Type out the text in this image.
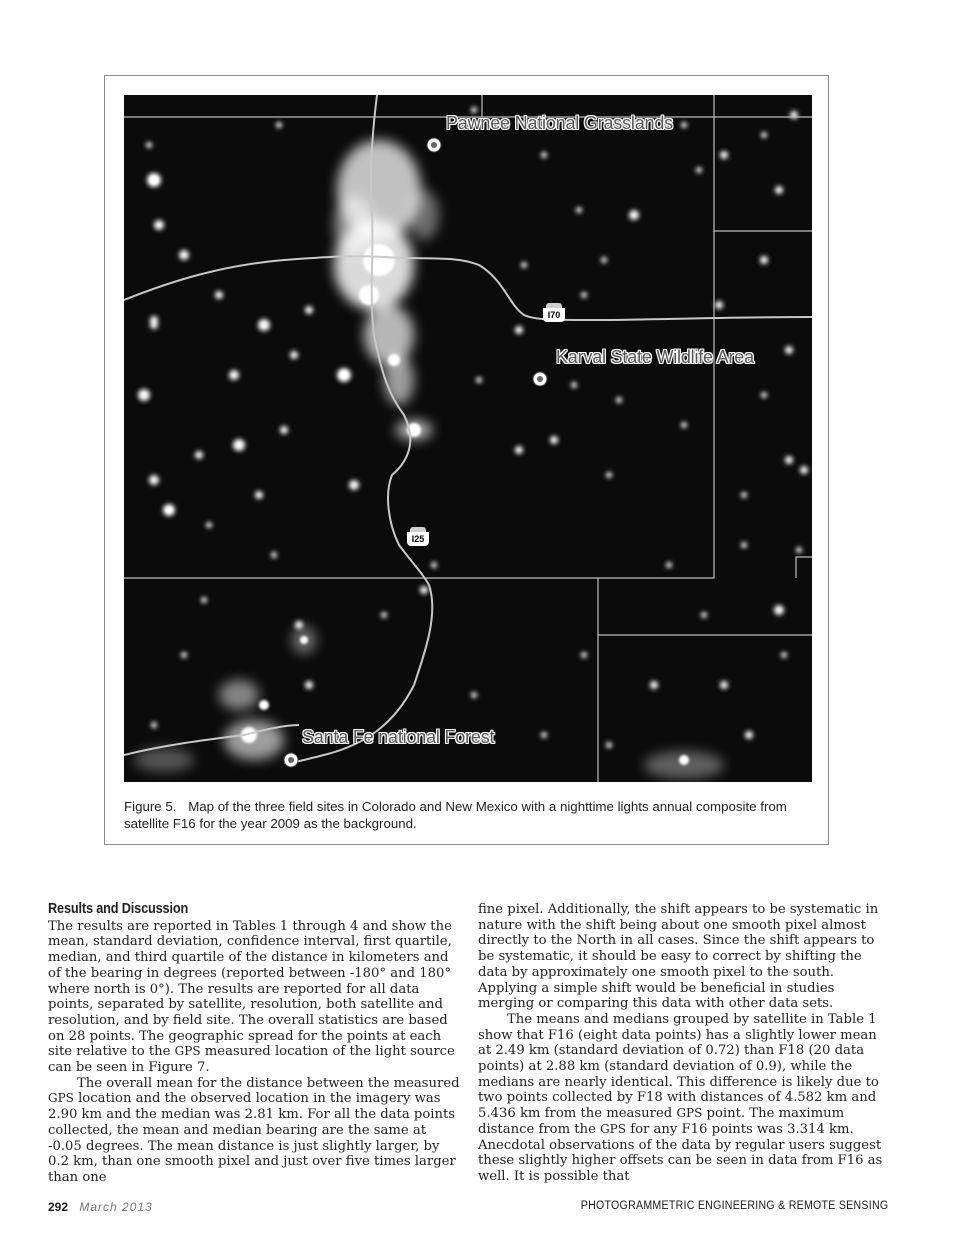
Pawnee National Grasslands
Karval State Wildlife Area
Santa Fe national Forest
I70
I25
Figure 5. Map of the three field sites in Colorado and New Mexico with a nighttime lights annual composite from satellite F16 for the year 2009 as the background.
Results and Discussion

The results are reported in Tables 1 through 4 and show the mean, standard deviation, confidence interval, first quartile, median, and third quartile of the distance in kilometers and of the bearing in degrees (reported between -180° and 180° where north is 0°). The results are reported for all data points, separated by satellite, resolution, both satellite and resolution, and by field site. The overall statistics are based on 28 points. The geographic spread for the points at each site relative to the GPS measured location of the light source can be seen in Figure 7.

The overall mean for the distance between the measured GPS location and the observed location in the imagery was 2.90 km and the median was 2.81 km. For all the data points collected, the mean and median bearing are the same at -0.05 degrees. The mean distance is just slightly larger, by 0.2 km, than one smooth pixel and just over five times larger than one

fine pixel. Additionally, the shift appears to be systematic in nature with the shift being about one smooth pixel almost directly to the North in all cases. Since the shift appears to be systematic, it should be easy to correct by shifting the data by approximately one smooth pixel to the south. Applying a simple shift would be beneficial in studies merging or comparing this data with other data sets.

The means and medians grouped by satellite in Table 1 show that F16 (eight data points) has a slightly lower mean at 2.49 km (standard deviation of 0.72) than F18 (20 data points) at 2.88 km (standard deviation of 0.9), while the medians are nearly identical. This difference is likely due to two points collected by F18 with distances of 4.582 km and 5.436 km from the measured GPS point. The maximum distance from the GPS for any F16 points was 3.314 km. Anecdotal observations of the data by regular users suggest these slightly higher offsets can be seen in data from F16 as well. It is possible that

292 March 2013	PHOTOGRAMMETRIC ENGINEERING & REMOTE SENSING
